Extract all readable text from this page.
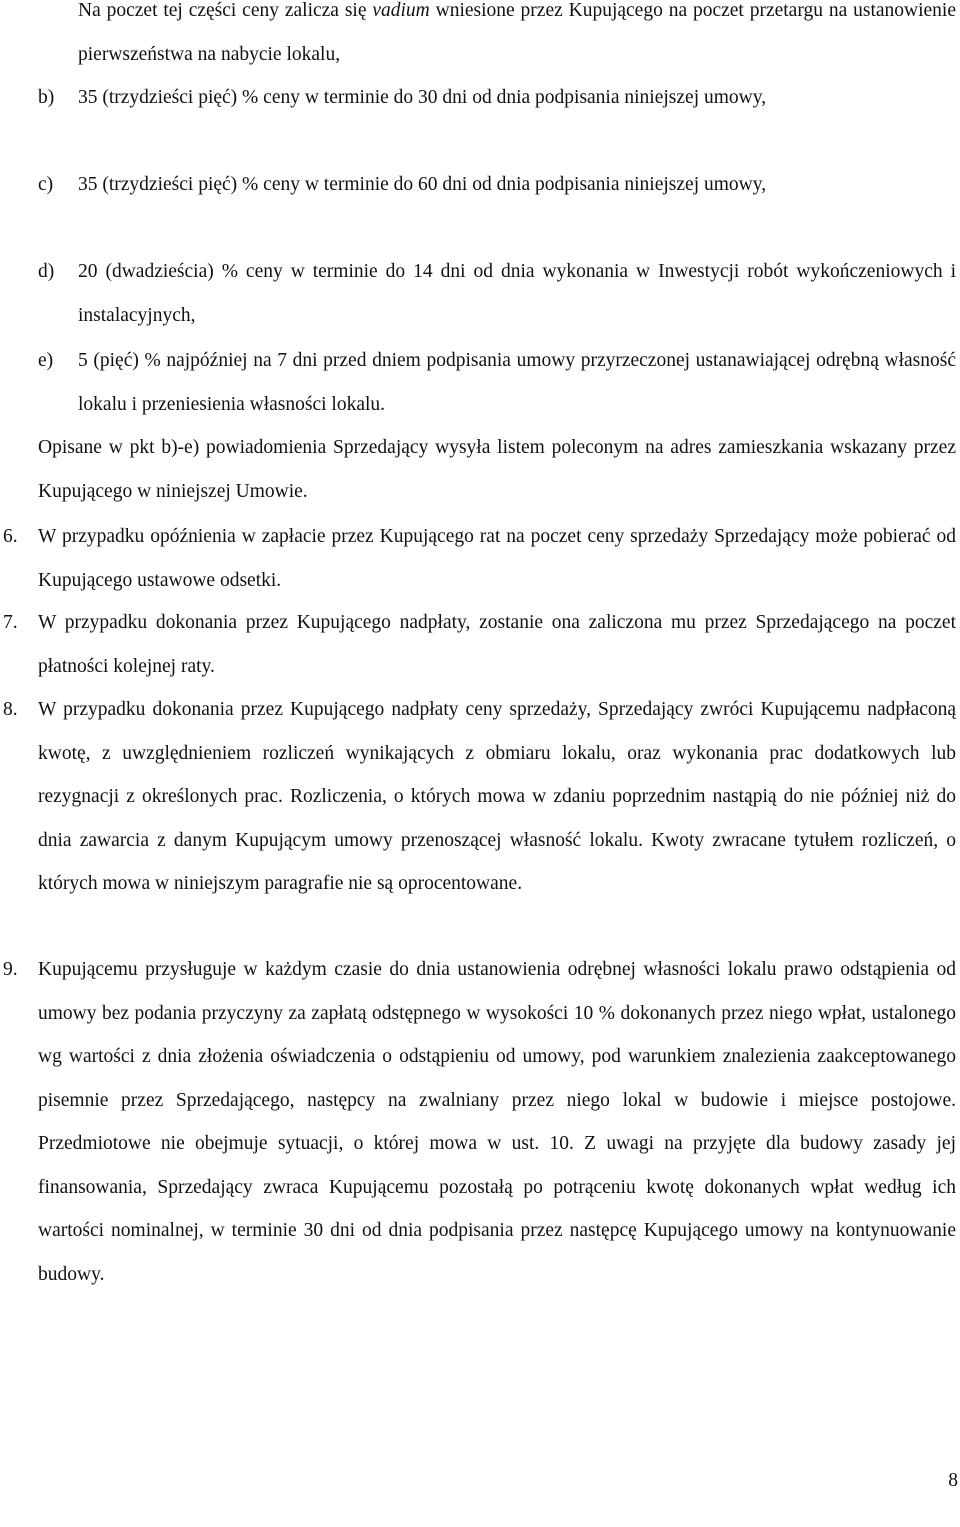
Na poczet tej części ceny zalicza się vadium wniesione przez Kupującego na poczet przetargu na ustanowienie pierwszeństwa na nabycie lokalu,

b) 35 (trzydzieści pięć) % ceny w terminie do 30 dni od dnia podpisania niniejszej umowy,

c) 35 (trzydzieści pięć) % ceny w terminie do 60 dni od dnia podpisania niniejszej umowy,

d) 20 (dwadzieścia) % ceny w terminie do 14 dni od dnia wykonania w Inwestycji robót wykończeniowych i instalacyjnych,

e) 5 (pięć) % najpóźniej na 7 dni przed dniem podpisania umowy przyrzeczonej ustanawiającej odrębną własność lokalu i przeniesienia własności lokalu.

Opisane w pkt b)-e) powiadomienia Sprzedający wysyła listem poleconym na adres zamieszkania wskazany przez Kupującego w niniejszej Umowie.

6. W przypadku opóźnienia w zapłacie przez Kupującego rat na poczet ceny sprzedaży Sprzedający może pobierać od Kupującego ustawowe odsetki.

7. W przypadku dokonania przez Kupującego nadpłaty, zostanie ona zaliczona mu przez Sprzedającego na poczet płatności kolejnej raty.

8. W przypadku dokonania przez Kupującego nadpłaty ceny sprzedaży, Sprzedający zwróci Kupującemu nadpłaconą kwotę, z uwzględnieniem rozliczeń wynikających z obmiaru lokalu, oraz wykonania prac dodatkowych lub rezygnacji z określonych prac. Rozliczenia, o których mowa w zdaniu poprzednim nastąpią do nie później niż do dnia zawarcia z danym Kupującym umowy przenoszącej własność lokalu. Kwoty zwracane tytułem rozliczeń, o których mowa w niniejszym paragrafie nie są oprocentowane.

9. Kupującemu przysługuje w każdym czasie do dnia ustanowienia odrębnej własności lokalu prawo odstąpienia od umowy bez podania przyczyny za zapłatą odstępnego w wysokości 10 % dokonanych przez niego wpłat, ustalonego wg wartości z dnia złożenia oświadczenia o odstąpieniu od umowy, pod warunkiem znalezienia zaakceptowanego pisemnie przez Sprzedającego, następcy na zwalniany przez niego lokal w budowie i miejsce postojowe. Przedmiotowe nie obejmuje sytuacji, o której mowa w ust. 10. Z uwagi na przyjęte dla budowy zasady jej finansowania, Sprzedający zwraca Kupującemu pozostałą po potrąceniu kwotę dokonanych wpłat według ich wartości nominalnej, w terminie 30 dni od dnia podpisania przez następcę Kupującego umowy na kontynuowanie budowy.

8
